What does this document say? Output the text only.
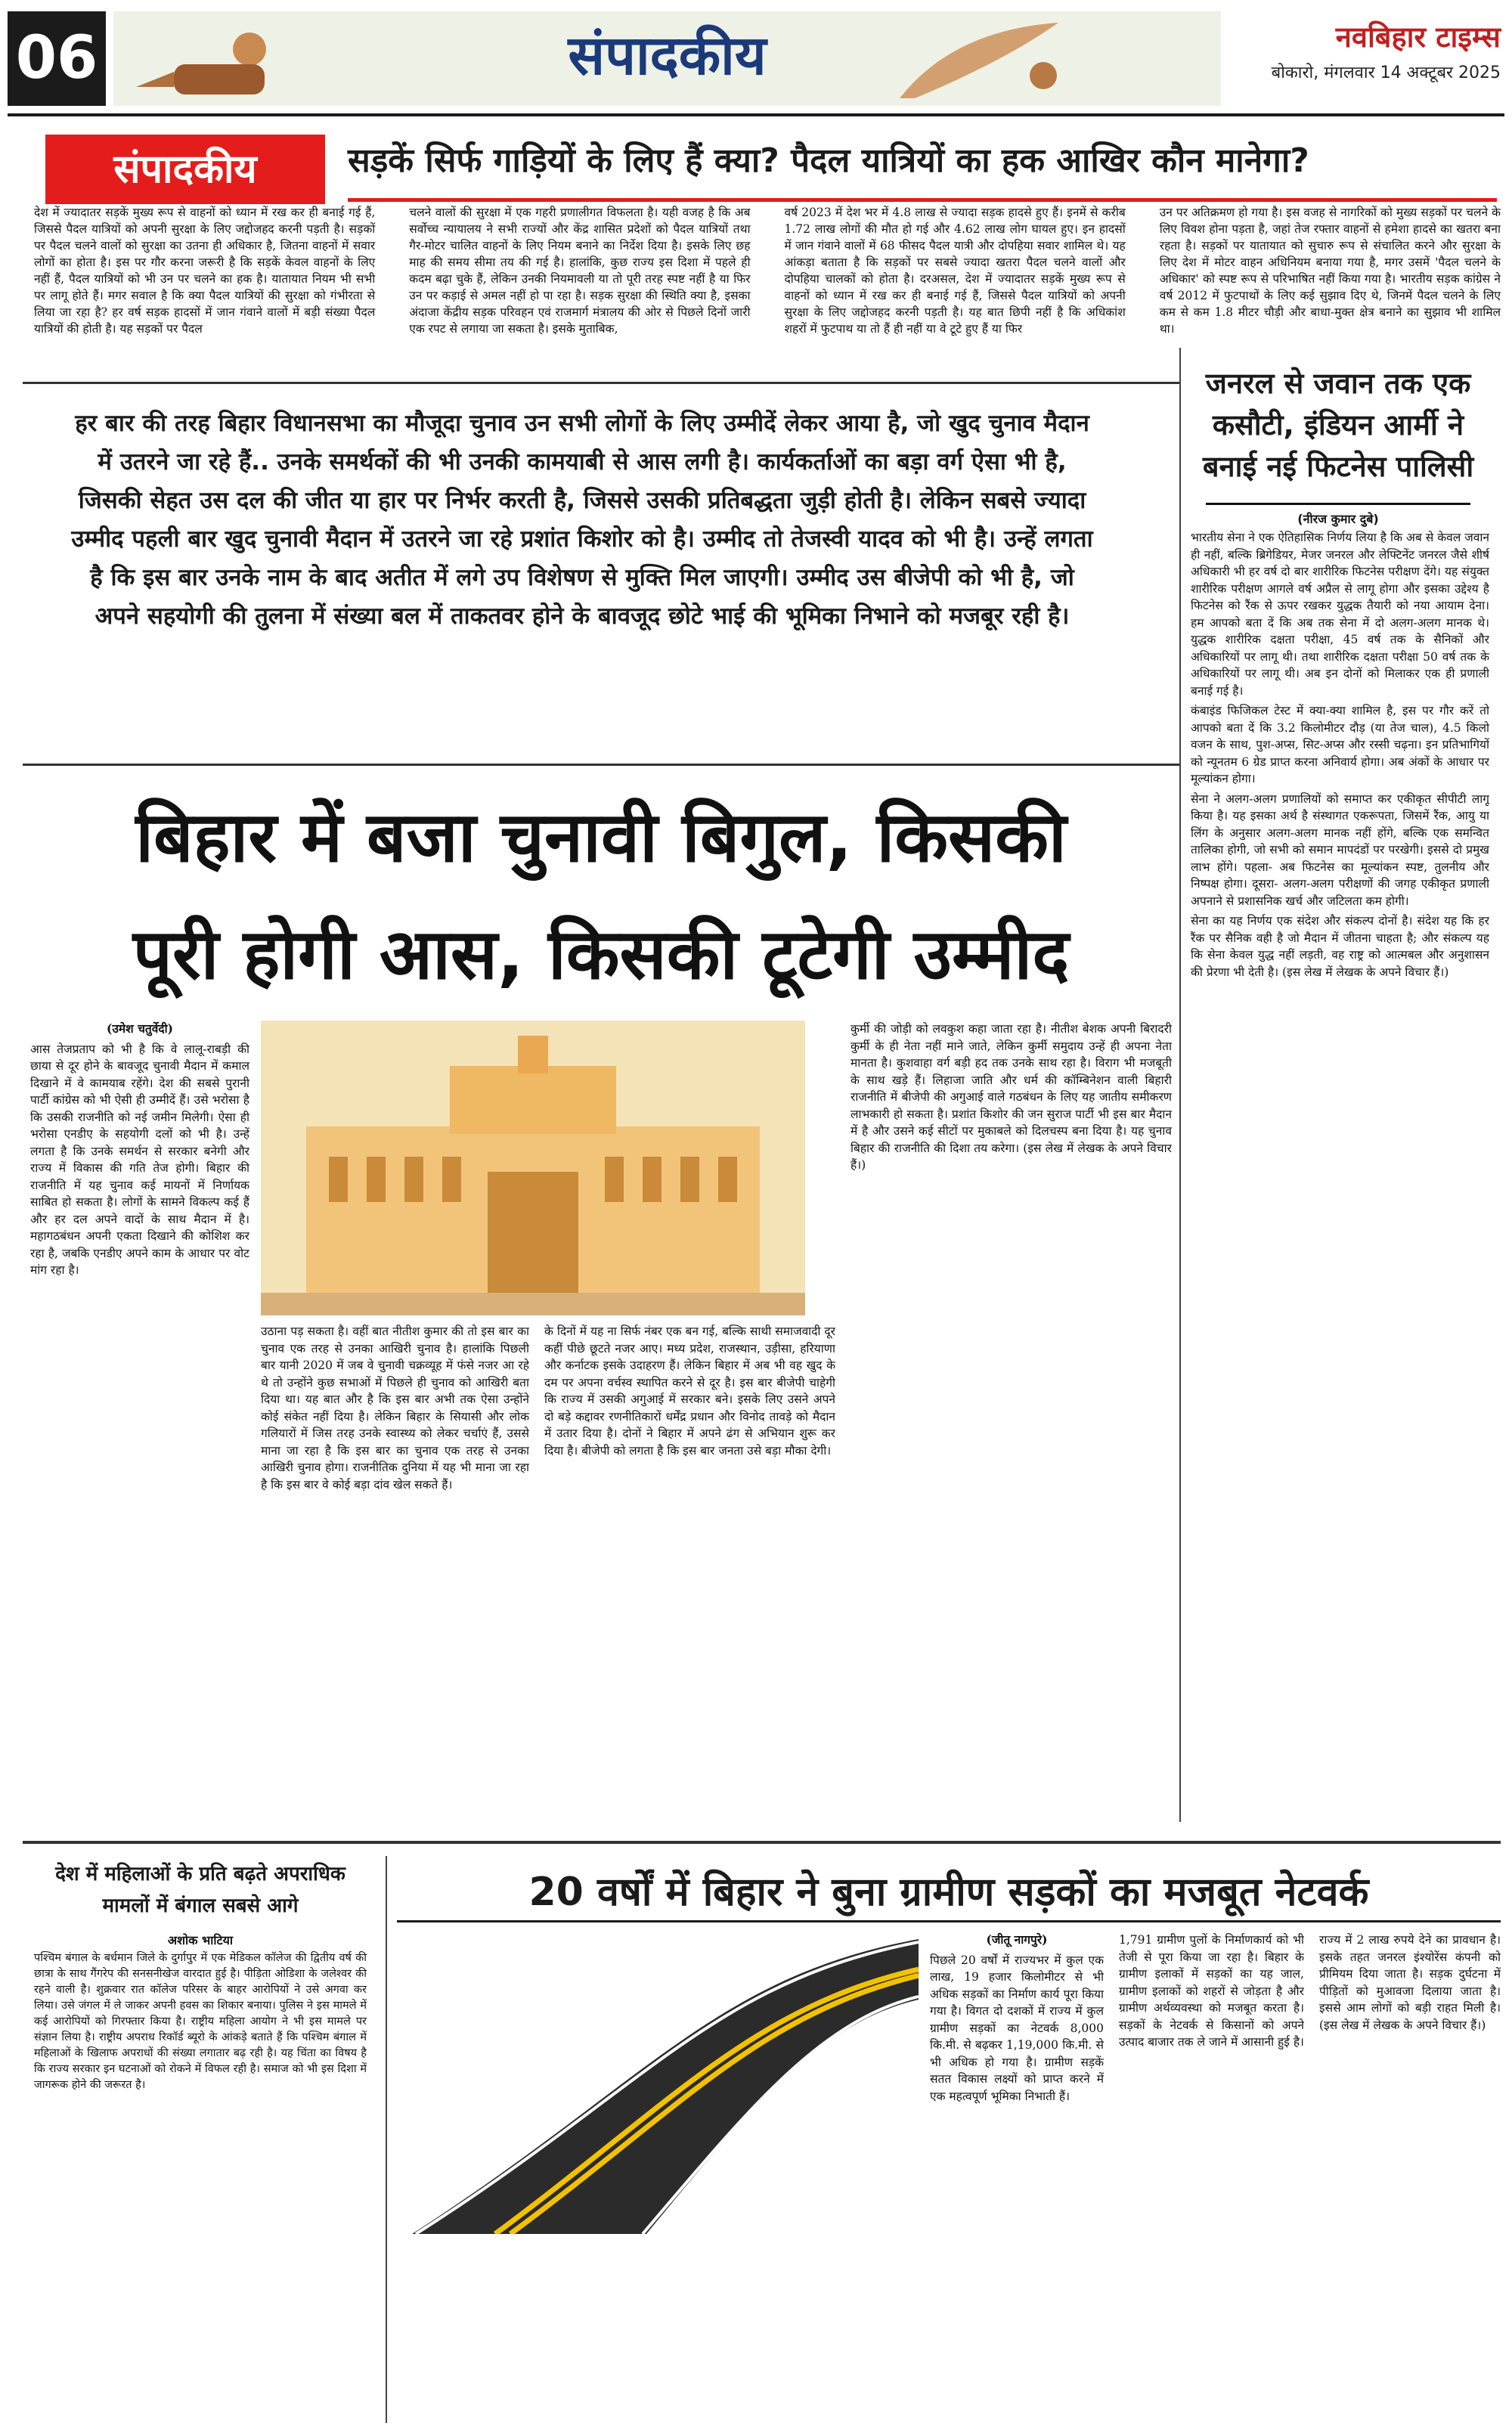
06	संपादकीय	नवबिहार टाइम्स
बोकारो, मंगलवार 14 अक्टूबर 2025
संपादकीय	सड़कें सिर्फ गाड़ियों के लिए हैं क्या? पैदल यात्रियों का हक आखिर कौन मानेगा?

देश में ज्यादातर सड़कें मुख्य रूप से वाहनों को ध्यान में रख कर ही बनाई गई हैं, जिससे पैदल यात्रियों को अपनी सुरक्षा के लिए जद्दोजहद करनी पड़ती है। सड़कों पर पैदल चलने वालों को सुरक्षा का उतना ही अधिकार है, जितना वाहनों में सवार लोगों का होता है। इस पर गौर करना जरूरी है कि सड़कें केवल वाहनों के लिए नहीं हैं, पैदल यात्रियों को भी उन पर चलने का हक है। यातायात नियम भी सभी पर लागू होते हैं। मगर सवाल है कि क्या पैदल यात्रियों की सुरक्षा को गंभीरता से लिया जा रहा है? हर वर्ष सड़क हादसों में जान गंवाने वालों में बड़ी संख्या पैदल यात्रियों की होती है। यह सड़कों पर पैदल

चलने वालों की सुरक्षा में एक गहरी प्रणालीगत विफलता है। यही वजह है कि अब सर्वोच्च न्यायालय ने सभी राज्यों और केंद्र शासित प्रदेशों को पैदल यात्रियों तथा गैर-मोटर चालित वाहनों के लिए नियम बनाने का निर्देश दिया है। इसके लिए छह माह की समय सीमा तय की गई है। हालांकि, कुछ राज्य इस दिशा में पहले ही कदम बढ़ा चुके हैं, लेकिन उनकी नियमावली या तो पूरी तरह स्पष्ट नहीं है या फिर उन पर कड़ाई से अमल नहीं हो पा रहा है। सड़क सुरक्षा की स्थिति क्या है, इसका अंदाजा केंद्रीय सड़क परिवहन एवं राजमार्ग मंत्रालय की ओर से पिछले दिनों जारी एक रपट से लगाया जा सकता है। इसके मुताबिक,

वर्ष 2023 में देश भर में 4.8 लाख से ज्यादा सड़क हादसे हुए हैं। इनमें से करीब 1.72 लाख लोगों की मौत हो गई और 4.62 लाख लोग घायल हुए। इन हादसों में जान गंवाने वालों में 68 फीसद पैदल यात्री और दोपहिया सवार शामिल थे। यह आंकड़ा बताता है कि सड़कों पर सबसे ज्यादा खतरा पैदल चलने वालों और दोपहिया चालकों को होता है। दरअसल, देश में ज्यादातर सड़कें मुख्य रूप से वाहनों को ध्यान में रख कर ही बनाई गई हैं, जिससे पैदल यात्रियों को अपनी सुरक्षा के लिए जद्दोजहद करनी पड़ती है। यह बात छिपी नहीं है कि अधिकांश शहरों में फुटपाथ या तो हैं ही नहीं या वे टूटे हुए हैं या फिर

उन पर अतिक्रमण हो गया है। इस वजह से नागरिकों को मुख्य सड़कों पर चलने के लिए विवश होना पड़ता है, जहां तेज रफ्तार वाहनों से हमेशा हादसे का खतरा बना रहता है। सड़कों पर यातायात को सुचारु रूप से संचालित करने और सुरक्षा के लिए देश में मोटर वाहन अधिनियम बनाया गया है, मगर उसमें 'पैदल चलने के अधिकार' को स्पष्ट रूप से परिभाषित नहीं किया गया है। भारतीय सड़क कांग्रेस ने वर्ष 2012 में फुटपाथों के लिए कई सुझाव दिए थे, जिनमें पैदल चलने के लिए कम से कम 1.8 मीटर चौड़ी और बाधा-मुक्त क्षेत्र बनाने का सुझाव भी शामिल था।

हर बार की तरह बिहार विधानसभा का मौजूदा चुनाव उन सभी लोगों के लिए उम्मीदें लेकर आया है, जो खुद चुनाव मैदान में उतरने जा रहे हैं.. उनके समर्थकों की भी उनकी कामयाबी से आस लगी है। कार्यकर्ताओं का बड़ा वर्ग ऐसा भी है, जिसकी सेहत उस दल की जीत या हार पर निर्भर करती है, जिससे उसकी प्रतिबद्धता जुड़ी होती है। लेकिन सबसे ज्यादा उम्मीद पहली बार खुद चुनावी मैदान में उतरने जा रहे प्रशांत किशोर को है। उम्मीद तो तेजस्वी यादव को भी है। उन्हें लगता है कि इस बार उनके नाम के बाद अतीत में लगे उप विशेषण से मुक्ति मिल जाएगी। उम्मीद उस बीजेपी को भी है, जो अपने सहयोगी की तुलना में संख्या बल में ताकतवर होने के बावजूद छोटे भाई की भूमिका निभाने को मजबूर रही है।
बिहार में बजा चुनावी बिगुल, किसकी
पूरी होगी आस, किसकी टूटेगी उम्मीद
(उमेश चतुर्वेदी)

आस तेजप्रताप को भी है कि वे लालू-राबड़ी की छाया से दूर होने के बावजूद चुनावी मैदान में कमाल दिखाने में वे कामयाब रहेंगे। देश की सबसे पुरानी पार्टी कांग्रेस को भी ऐसी ही उम्मीदें हैं। उसे भरोसा है कि उसकी राजनीति को नई जमीन मिलेगी। ऐसा ही भरोसा एनडीए के सहयोगी दलों को भी है। उन्हें लगता है कि उनके समर्थन से सरकार बनेगी और राज्य में विकास की गति तेज होगी। बिहार की राजनीति में यह चुनाव कई मायनों में निर्णायक साबित हो सकता है। लोगों के सामने विकल्प कई हैं और हर दल अपने वादों के साथ मैदान में है। महागठबंधन अपनी एकता दिखाने की कोशिश कर रहा है, जबकि एनडीए अपने काम के आधार पर वोट मांग रहा है।

उठाना पड़ सकता है। वहीं बात नीतीश कुमार की तो इस बार का चुनाव एक तरह से उनका आखिरी चुनाव है। हालांकि पिछली बार यानी 2020 में जब वे चुनावी चक्रव्यूह में फंसे नजर आ रहे थे तो उन्होंने कुछ सभाओं में पिछले ही चुनाव को आखिरी बता दिया था। यह बात और है कि इस बार अभी तक ऐसा उन्होंने कोई संकेत नहीं दिया है। लेकिन बिहार के सियासी और लोक गलियारों में जिस तरह उनके स्वास्थ्य को लेकर चर्चाएं हैं, उससे माना जा रहा है कि इस बार का चुनाव एक तरह से उनका आखिरी चुनाव होगा। राजनीतिक दुनिया में यह भी माना जा रहा है कि इस बार वे कोई बड़ा दांव खेल सकते हैं।

के दिनों में यह ना सिर्फ नंबर एक बन गई, बल्कि साथी समाजवादी दूर कहीं पीछे छूटते नजर आए। मध्य प्रदेश, राजस्थान, उड़ीसा, हरियाणा और कर्नाटक इसके उदाहरण हैं। लेकिन बिहार में अब भी वह खुद के दम पर अपना वर्चस्व स्थापित करने से दूर है। इस बार बीजेपी चाहेगी कि राज्य में उसकी अगुआई में सरकार बने। इसके लिए उसने अपने दो बड़े कद्दावर रणनीतिकारों धर्मेंद्र प्रधान और विनोद तावड़े को मैदान में उतार दिया है। दोनों ने बिहार में अपने ढंग से अभियान शुरू कर दिया है। बीजेपी को लगता है कि इस बार जनता उसे बड़ा मौका देगी।

कुर्मी की जोड़ी को लवकुश कहा जाता रहा है। नीतीश बेशक अपनी बिरादरी कुर्मी के ही नेता नहीं माने जाते, लेकिन कुर्मी समुदाय उन्हें ही अपना नेता मानता है। कुशवाहा वर्ग बड़ी हद तक उनके साथ रहा है। विराग भी मजबूती के साथ खड़े हैं। लिहाजा जाति और धर्म की कॉम्बिनेशन वाली बिहारी राजनीति में बीजेपी की अगुआई वाले गठबंधन के लिए यह जातीय समीकरण लाभकारी हो सकता है। प्रशांत किशोर की जन सुराज पार्टी भी इस बार मैदान में है और उसने कई सीटों पर मुकाबले को दिलचस्प बना दिया है। यह चुनाव बिहार की राजनीति की दिशा तय करेगा। (इस लेख में लेखक के अपने विचार हैं।)

जनरल से जवान तक एक कसौटी, इंडियन आर्मी ने बनाई नई फिटनेस पालिसी
(नीरज कुमार दुबे)

भारतीय सेना ने एक ऐतिहासिक निर्णय लिया है कि अब से केवल जवान ही नहीं, बल्कि ब्रिगेडियर, मेजर जनरल और लेफ्टिनेंट जनरल जैसे शीर्ष अधिकारी भी हर वर्ष दो बार शारीरिक फिटनेस परीक्षण देंगे। यह संयुक्त शारीरिक परीक्षण आगले वर्ष अप्रैल से लागू होगा और इसका उद्देश्य है फिटनेस को रैंक से ऊपर रखकर युद्धक तैयारी को नया आयाम देना। हम आपको बता दें कि अब तक सेना में दो अलग-अलग मानक थे। युद्धक शारीरिक दक्षता परीक्षा, 45 वर्ष तक के सैनिकों और अधिकारियों पर लागू थी। तथा शारीरिक दक्षता परीक्षा 50 वर्ष तक के अधिकारियों पर लागू थी। अब इन दोनों को मिलाकर एक ही प्रणाली बनाई गई है।

कंबाइंड फिजिकल टेस्ट में क्या-क्या शामिल है, इस पर गौर करें तो आपको बता दें कि 3.2 किलोमीटर दौड़ (या तेज चाल), 4.5 किलो वजन के साथ, पुश-अप्स, सिट-अप्स और रस्सी चढ़ना। इन प्रतिभागियों को न्यूनतम 6 ग्रेड प्राप्त करना अनिवार्य होगा। अब अंकों के आधार पर मूल्यांकन होगा।

सेना ने अलग-अलग प्रणालियों को समाप्त कर एकीकृत सीपीटी लागू किया है। यह इसका अर्थ है संस्थागत एकरूपता, जिसमें रैंक, आयु या लिंग के अनुसार अलग-अलग मानक नहीं होंगे, बल्कि एक समन्वित तालिका होगी, जो सभी को समान मापदंडों पर परखेगी। इससे दो प्रमुख लाभ होंगे। पहला- अब फिटनेस का मूल्यांकन स्पष्ट, तुलनीय और निष्पक्ष होगा। दूसरा- अलग-अलग परीक्षणों की जगह एकीकृत प्रणाली अपनाने से प्रशासनिक खर्च और जटिलता कम होगी।

सेना का यह निर्णय एक संदेश और संकल्प दोनों है। संदेश यह कि हर रैंक पर सैनिक वही है जो मैदान में जीतना चाहता है; और संकल्प यह कि सेना केवल युद्ध नहीं लड़ती, वह राष्ट्र को आत्मबल और अनुशासन की प्रेरणा भी देती है। (इस लेख में लेखक के अपने विचार हैं।)

देश में महिलाओं के प्रति बढ़ते अपराधिक मामलों में बंगाल सबसे आगे
अशोक भाटिया

पश्चिम बंगाल के बर्धमान जिले के दुर्गापुर में एक मेडिकल कॉलेज की द्वितीय वर्ष की छात्रा के साथ गैंगरेप की सनसनीखेज वारदात हुई है। पीड़िता ओडिशा के जलेश्वर की रहने वाली है। शुक्रवार रात कॉलेज परिसर के बाहर आरोपियों ने उसे अगवा कर लिया। उसे जंगल में ले जाकर अपनी हवस का शिकार बनाया। पुलिस ने इस मामले में कई आरोपियों को गिरफ्तार किया है। राष्ट्रीय महिला आयोग ने भी इस मामले पर संज्ञान लिया है। राष्ट्रीय अपराध रिकॉर्ड ब्यूरो के आंकड़े बताते हैं कि पश्चिम बंगाल में महिलाओं के खिलाफ अपराधों की संख्या लगातार बढ़ रही है। यह चिंता का विषय है कि राज्य सरकार इन घटनाओं को रोकने में विफल रही है। समाज को भी इस दिशा में जागरूक होने की जरूरत है।

20 वर्षों में बिहार ने बुना ग्रामीण सड़कों का मजबूत नेटवर्क
(जीतू नागपुरे)

पिछले 20 वर्षों में राज्यभर में कुल एक लाख, 19 हजार किलोमीटर से भी अधिक सड़कों का निर्माण कार्य पूरा किया गया है। विगत दो दशकों में राज्य में कुल ग्रामीण सड़कों का नेटवर्क 8,000 कि.मी. से बढ़कर 1,19,000 कि.मी. से भी अधिक हो गया है। ग्रामीण सड़कें सतत विकास लक्ष्यों को प्राप्त करने में एक महत्वपूर्ण भूमिका निभाती हैं।

1,791 ग्रामीण पुलों के निर्माणकार्य को भी तेजी से पूरा किया जा रहा है। बिहार के ग्रामीण इलाकों में सड़कों का यह जाल, ग्रामीण इलाकों को शहरों से जोड़ता है और ग्रामीण अर्थव्यवस्था को मजबूत करता है। सड़कों के नेटवर्क से किसानों को अपने उत्पाद बाजार तक ले जाने में आसानी हुई है।

राज्य में 2 लाख रुपये देने का प्रावधान है। इसके तहत जनरल इंश्योरेंस कंपनी को प्रीमियम दिया जाता है। सड़क दुर्घटना में पीड़ितों को मुआवजा दिलाया जाता है। इससे आम लोगों को बड़ी राहत मिली है। (इस लेख में लेखक के अपने विचार हैं।)
